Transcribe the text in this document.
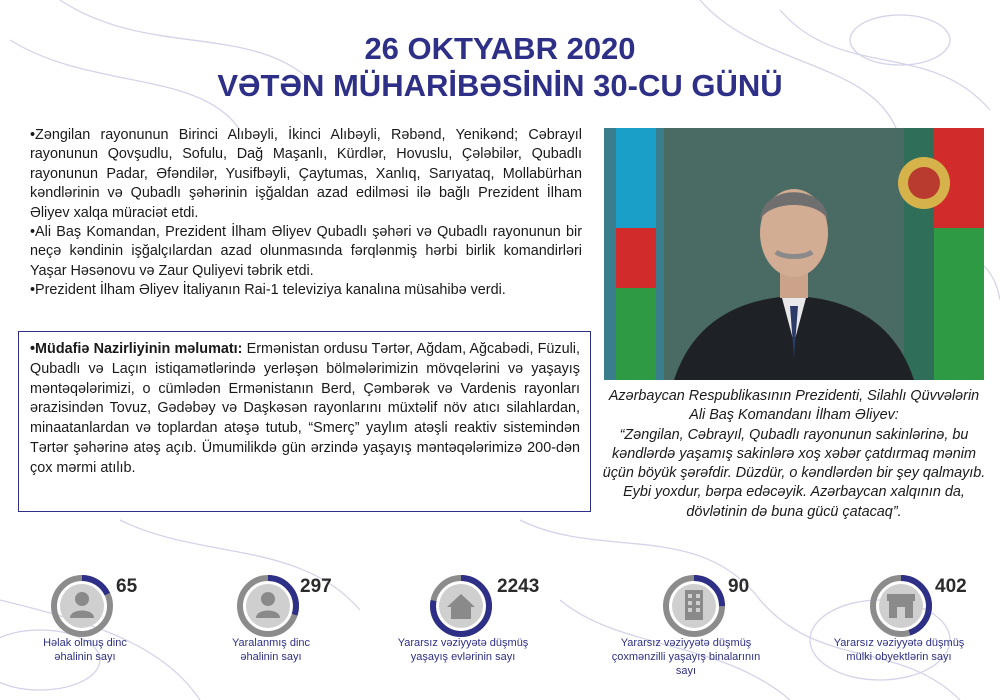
26 OKTYABR 2020
VƏTƏN MÜHARİBƏSİNİN 30-CU GÜNÜ
•Zəngilan rayonunun Birinci Alıbəyli, İkinci Alıbəyli, Rəbənd, Yenikənd; Cəbrayıl rayonunun Qovşudlu, Sofulu, Dağ Maşanlı, Kürdlər, Hovuslu, Çələbilər, Qubadlı rayonunun Padar, Əfəndilər, Yusifbəyli, Çaytumas, Xanlıq, Sarıyataq, Mollabürhan kəndlərinin və Qubadlı şəhərinin işğaldan azad edilməsi ilə bağlı Prezident İlham Əliyev xalqa müraciət etdi.
•Ali Baş Komandan, Prezident İlham Əliyev Qubadlı şəhəri və Qubadlı rayonunun bir neçə kəndinin işğalçılardan azad olunmasında fərqlənmiş hərbi birlik komandirləri Yaşar Həsənovu və Zaur Quliyevi təbrik etdi.
•Prezident İlham Əliyev İtaliyanın Rai-1 televiziya kanalına müsahibə verdi.
•Müdafiə Nazirliyinin məlumatı: Ermənistan ordusu Tərtər, Ağdam, Ağcabədi, Füzuli, Qubadlı və Laçın istiqamətlərində yerləşən bölmələrimizin mövqelərini və yaşayış məntəqələrimizi, o cümlədən Ermənistanın Berd, Çəmbərək və Vardenis rayonları ərazisindən Tovuz, Gədəbəy və Daşkəsən rayonlarını müxtəlif növ atıcı silahlardan, minaatanlardan və toplardan atəşə tutub, “Smerç” yaylım atəşli reaktiv sistemindən Tərtər şəhərinə atəş açıb. Ümumilikdə gün ərzində yaşayış məntəqələrimizə 200-dən çox mərmi atılıb.
Azərbaycan Respublikasının Prezidenti, Silahlı Qüvvələrin Ali Baş Komandanı İlham Əliyev:
“Zəngilan, Cəbrayıl, Qubadlı rayonunun sakinlərinə, bu kəndlərdə yaşamış sakinlərə xoş xəbər çatdırmaq mənim üçün böyük şərəfdir. Düzdür, o kəndlərdən bir şey qalmayıb. Eybi yoxdur, bərpa edəcəyik. Azərbaycan xalqının da, dövlətinin də buna gücü çatacaq”.
65
Həlak olmuş dinc əhalinin sayı
297
Yaralanmış dinc əhalinin sayı
2243
Yararsız vəziyyətə düşmüş yaşayış evlərinin sayı
90
Yararsız vəziyyətə düşmüş çoxmənzilli yaşayış binalarının sayı
402
Yararsız vəziyyətə düşmüş mülki obyektlərin sayı
